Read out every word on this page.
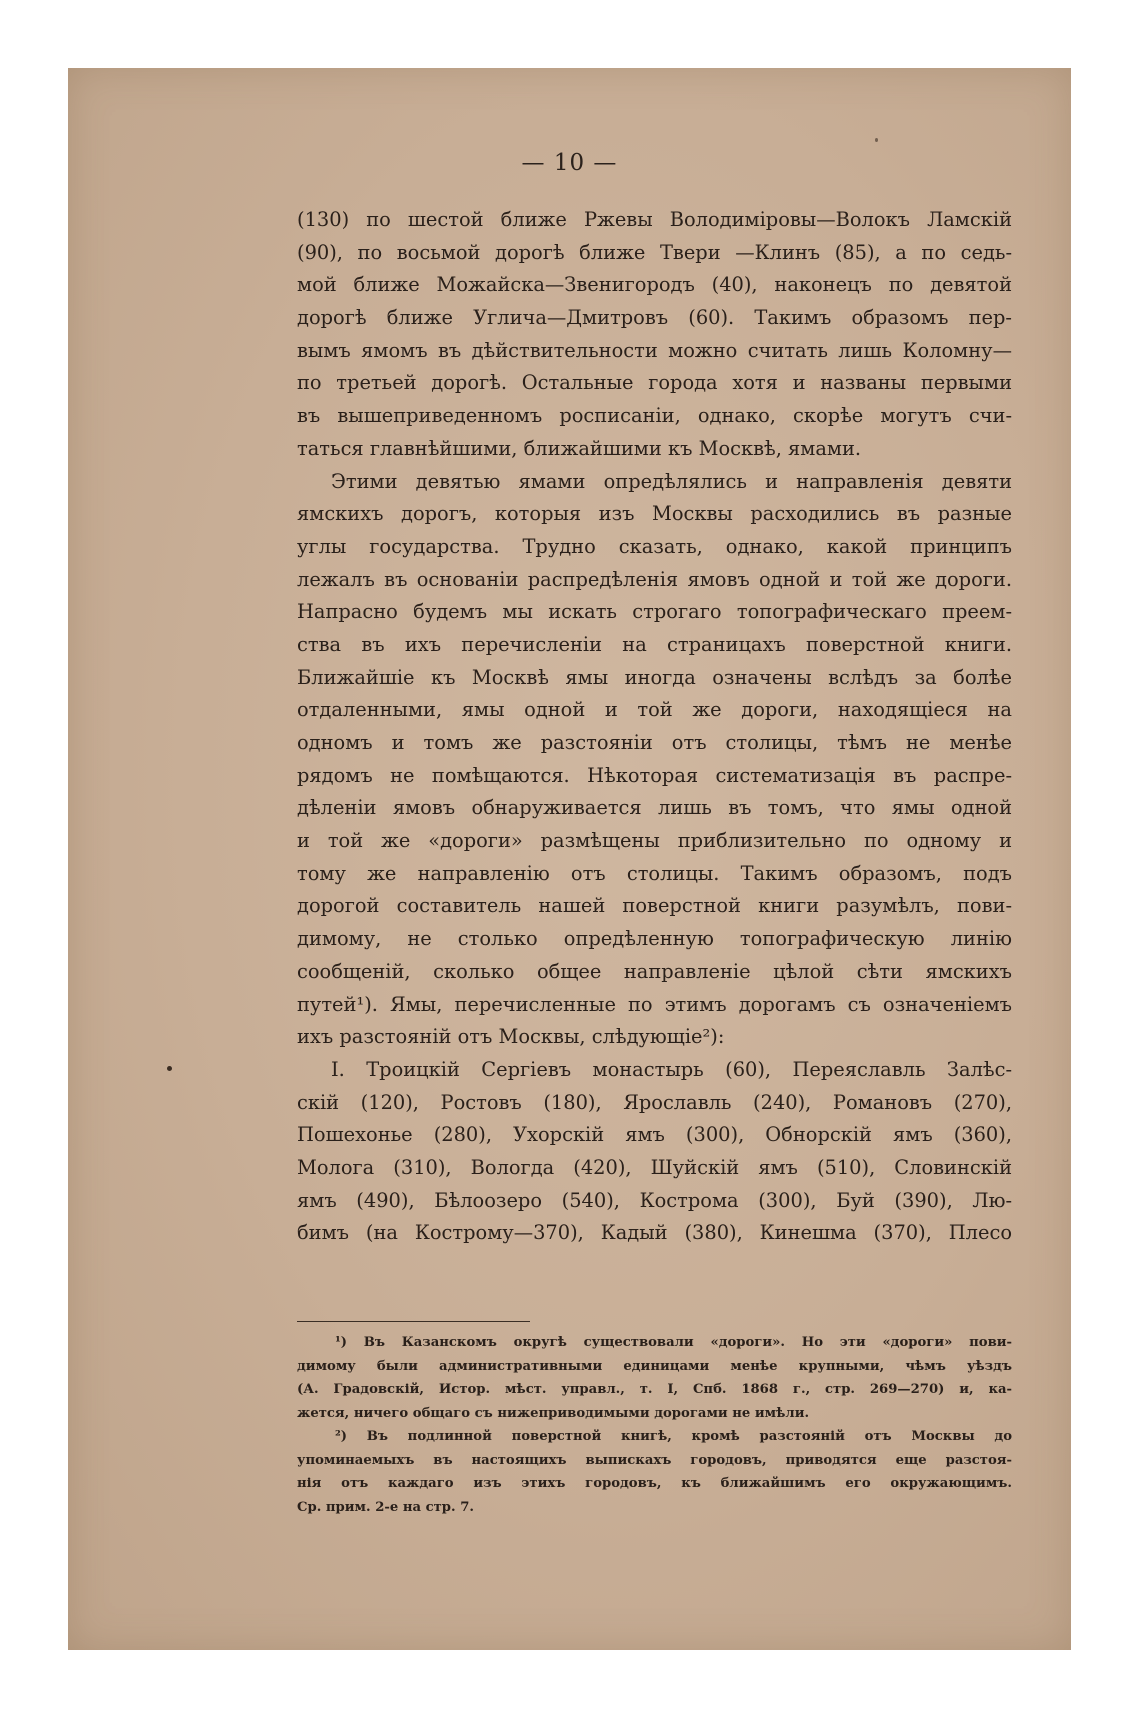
— 10 —
(130) по шестой ближе Ржевы Володиміровы—Волокъ Ламскій
(90), по восьмой дорогѣ ближе Твери —Клинъ (85), а по седь-
мой ближе Можайска—Звенигородъ (40), наконецъ по девятой
дорогѣ ближе Углича—Дмитровъ (60). Такимъ образомъ пер-
вымъ ямомъ въ дѣйствительности можно считать лишь Коломну—
по третьей дорогѣ. Остальные города хотя и названы первыми
въ вышеприведенномъ росписаніи, однако, скорѣе могутъ счи-
таться главнѣйшими, ближайшими къ Москвѣ, ямами.
Этими девятью ямами опредѣлялись и направленія девяти
ямскихъ дорогъ, которыя изъ Москвы расходились въ разные
углы государства. Трудно сказать, однако, какой принципъ
лежалъ въ основаніи распредѣленія ямовъ одной и той же дороги.
Напрасно будемъ мы искать строгаго топографическаго преем-
ства въ ихъ перечисленіи на страницахъ поверстной книги.
Ближайшіе къ Москвѣ ямы иногда означены вслѣдъ за болѣе
отдаленными, ямы одной и той же дороги, находящіеся на
одномъ и томъ же разстояніи отъ столицы, тѣмъ не менѣе
рядомъ не помѣщаются. Нѣкоторая систематизація въ распре-
дѣленіи ямовъ обнаруживается лишь въ томъ, что ямы одной
и той же «дороги» размѣщены приблизительно по одному и
тому же направленію отъ столицы. Такимъ образомъ, подъ
дорогой составитель нашей поверстной книги разумѣлъ, пови-
димому, не столько опредѣленную топографическую линію
сообщеній, сколько общее направленіе цѣлой сѣти ямскихъ
путей¹). Ямы, перечисленные по этимъ дорогамъ съ означеніемъ
ихъ разстояній отъ Москвы, слѣдующіе²):
I. Троицкій Сергіевъ монастырь (60), Переяславль Залѣс-
скій (120), Ростовъ (180), Ярославль (240), Романовъ (270),
Пошехонье (280), Ухорскій ямъ (300), Обнорскій ямъ (360),
Молога (310), Вологда (420), Шуйскій ямъ (510), Словинскій
ямъ (490), Бѣлоозеро (540), Кострома (300), Буй (390), Лю-
бимъ (на Кострому—370), Кадый (380), Кинешма (370), Плесо
¹) Въ Казанскомъ округѣ существовали «дороги». Но эти «дороги» пови-
димому были административными единицами менѣе крупными, чѣмъ уѣздъ
(А. Градовскій, Истор. мѣст. управл., т. I, Спб. 1868 г., стр. 269—270) и, ка-
жется, ничего общаго съ нижеприводимыми дорогами не имѣли.
²) Въ подлинной поверстной книгѣ, кромѣ разстояній отъ Москвы до
упоминаемыхъ въ настоящихъ выпискахъ городовъ, приводятся еще разстоя-
нія отъ каждаго изъ этихъ городовъ, къ ближайшимъ его окружающимъ.
Ср. прим. 2-е на стр. 7.
